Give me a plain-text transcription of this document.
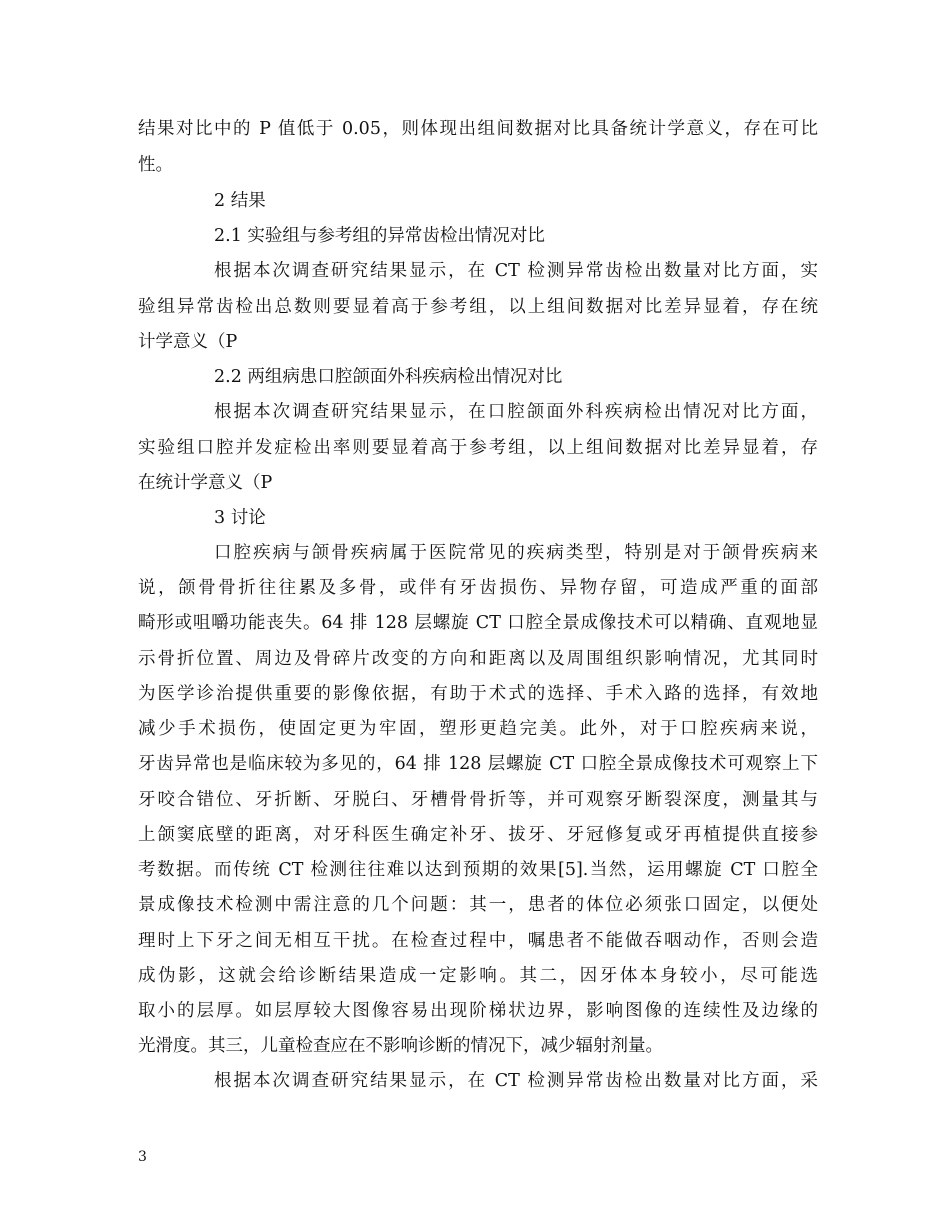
结果对比中的 P 值低于 0.05，则体现出组间数据对比具备统计学意义，存在可比
性。
2 结果
2.1 实验组与参考组的异常齿检出情况对比
根据本次调查研究结果显示，在 CT 检测异常齿检出数量对比方面，实
验组异常齿检出总数则要显着高于参考组，以上组间数据对比差异显着，存在统
计学意义（P
2.2 两组病患口腔颌面外科疾病检出情况对比
根据本次调查研究结果显示，在口腔颌面外科疾病检出情况对比方面，
实验组口腔并发症检出率则要显着高于参考组，以上组间数据对比差异显着，存
在统计学意义（P
3 讨论
口腔疾病与颌骨疾病属于医院常见的疾病类型，特别是对于颌骨疾病来
说，颌骨骨折往往累及多骨，或伴有牙齿损伤、异物存留，可造成严重的面部
畸形或咀嚼功能丧失。64 排 128 层螺旋 CT 口腔全景成像技术可以精确、直观地显
示骨折位置、周边及骨碎片改变的方向和距离以及周围组织影响情况，尤其同时
为医学诊治提供重要的影像依据，有助于术式的选择、手术入路的选择，有效地
减少手术损伤，使固定更为牢固，塑形更趋完美。此外，对于口腔疾病来说，
牙齿异常也是临床较为多见的，64 排 128 层螺旋 CT 口腔全景成像技术可观察上下
牙咬合错位、牙折断、牙脱臼、牙槽骨骨折等，并可观察牙断裂深度，测量其与
上颌窦底壁的距离，对牙科医生确定补牙、拔牙、牙冠修复或牙再植提供直接参
考数据。而传统 CT 检测往往难以达到预期的效果[5].当然，运用螺旋 CT 口腔全
景成像技术检测中需注意的几个问题：其一，患者的体位必须张口固定，以便处
理时上下牙之间无相互干扰。在检查过程中，嘱患者不能做吞咽动作，否则会造
成伪影，这就会给诊断结果造成一定影响。其二，因牙体本身较小，尽可能选
取小的层厚。如层厚较大图像容易出现阶梯状边界，影响图像的连续性及边缘的
光滑度。其三，儿童检查应在不影响诊断的情况下，减少辐射剂量。
根据本次调查研究结果显示，在 CT 检测异常齿检出数量对比方面，采
3
